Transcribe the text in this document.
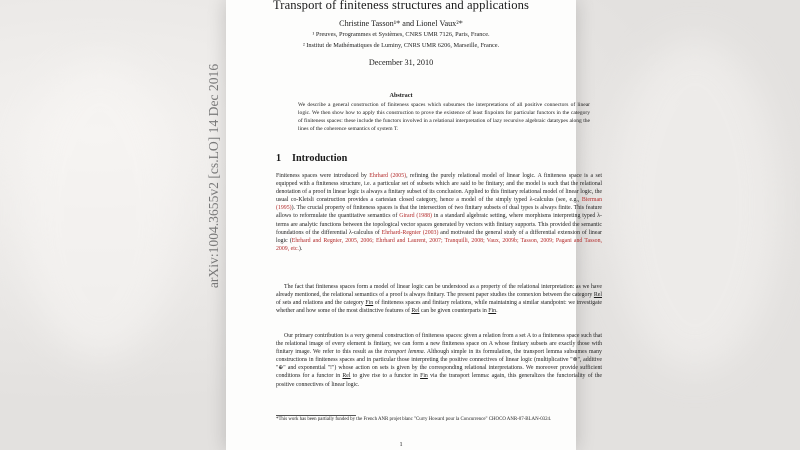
arXiv:1004.3655v2 [cs.LO] 14 Dec 2016
Transport of finiteness structures and applications
Christine Tasson¹* and Lionel Vaux²*
¹ Preuves, Programmes et Systèmes, CNRS UMR 7126, Paris, France.
² Institut de Mathématiques de Luminy, CNRS UMR 6206, Marseille, France.
December 31, 2010
Abstract

We describe a general construction of finiteness spaces which subsumes the interpretations of all positive connectors of linear logic. We then show how to apply this construction to prove the existence of least fixpoints for particular functors in the category of finiteness spaces: these include the functors involved in a relational interpretation of lazy recursive algebraic datatypes along the lines of the coherence semantics of system T.

1 Introduction

Finiteness spaces were introduced by Ehrhard (2005), refining the purely relational model of linear logic. A finiteness space is a set equipped with a finiteness structure, i.e. a particular set of subsets which are said to be finitary; and the model is such that the relational denotation of a proof in linear logic is always a finitary subset of its conclusion. Applied to this finitary relational model of linear logic, the usual co-Kleisli construction provides a cartesian closed category, hence a model of the simply typed λ-calculus (see, e.g., Bierman (1995)). The crucial property of finiteness spaces is that the intersection of two finitary subsets of dual types is always finite. This feature allows to reformulate the quantitative semantics of Girard (1988) in a standard algebraic setting, where morphisms interpreting typed λ-terms are analytic functions between the topological vector spaces generated by vectors with finitary supports. This provided the semantic foundations of the differential λ-calculus of Ehrhard-Regnier (2003) and motivated the general study of a differential extension of linear logic (Ehrhard and Regnier, 2005, 2006; Ehrhard and Laurent, 2007; Tranquilli, 2008; Vaux, 2009b; Tasson, 2009; Pagani and Tasson, 2009, etc.).

The fact that finiteness spaces form a model of linear logic can be understood as a property of the relational interpretation: as we have already mentioned, the relational semantics of a proof is always finitary. The present paper studies the connexion between the category Rel of sets and relations and the category Fin of finiteness spaces and finitary relations, while maintaining a similar standpoint: we investigate whether and how some of the most distinctive features of Rel can be given counterparts in Fin.

Our primary contribution is a very general construction of finiteness spaces: given a relation from a set A to a finiteness space such that the relational image of every element is finitary, we can form a new finiteness space on A whose finitary subsets are exactly those with finitary image. We refer to this result as the transport lemma. Although simple in its formulation, the transport lemma subsumes many constructions in finiteness spaces and in particular those interpreting the positive connectives of linear logic (multiplicative "⊗", additive "⊕" and exponential "!") whose action on sets is given by the corresponding relational interpretations. We moreover provide sufficient conditions for a functor in Rel to give rise to a functor in Fin via the transport lemma: again, this generalizes the functoriality of the positive connectives of linear logic.

*This work has been partially funded by the French ANR projet blanc "Curry Howard pour la Concurrence" CHOCO ANR-07-BLAN-0324.

1
